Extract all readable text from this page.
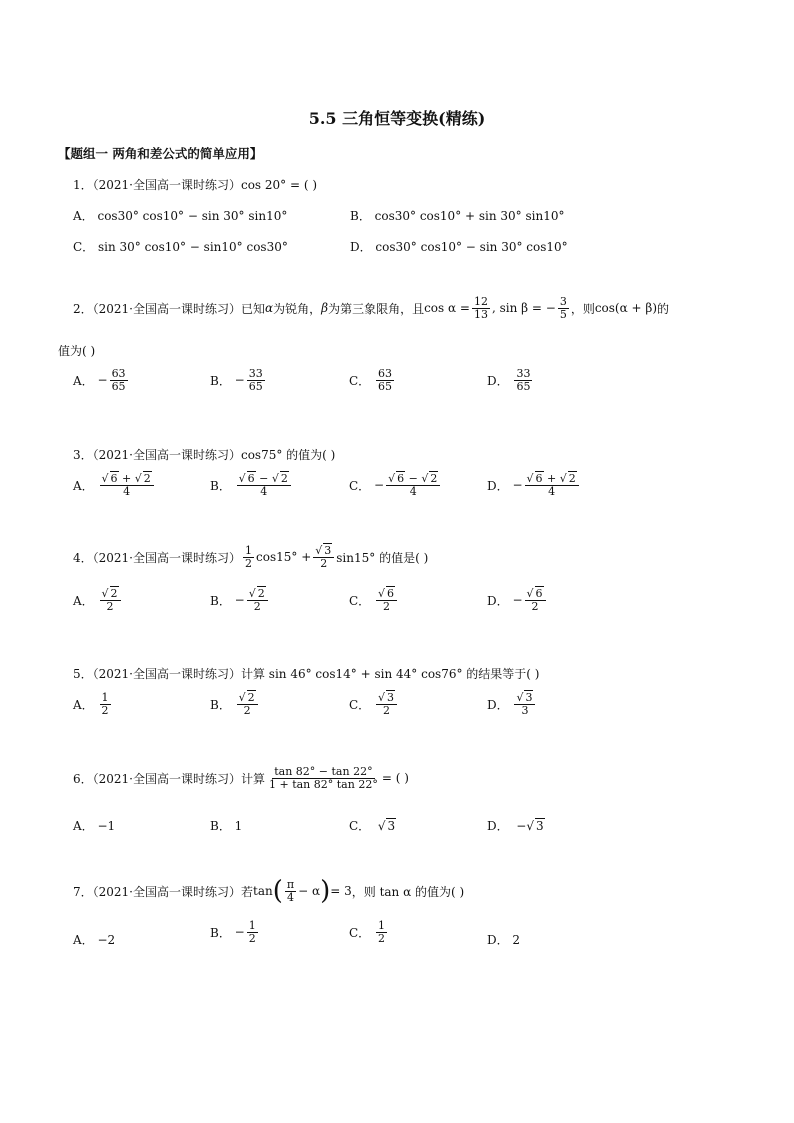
5.5 三角恒等变换(精练)
【题组一 两角和差公式的简单应用】
1．（2021·全国高一课时练习）cos 20° = ( )
A． cos30° cos10° − sin 30° sin10°	B． cos30° cos10° + sin 30° sin10°
C． sin 30° cos10° − sin10° cos30°	D． cos30° cos10° − sin 30° cos10°
2．（2021·全国高一课时练习）已知 α 为锐角， β 为第三象限角，且 $\cos \alpha = \frac{12}{13}$ , sin β = − $\frac{3}{5}$ ，则 cos(α + β) 的
值为( )
A．
− $\frac{63}{65}$	B．
− $\frac{33}{65}$	C．
$\frac{63}{65}$	D．
$\frac{33}{65}$
3．（2021·全国高一课时练习）cos75° 的值为( )
A．
$\frac{√ 6 + √ 2}{4}$	B．
$\frac{√ 6 - √ 2}{4}$	C．
− $\frac{√ 6 - √ 2}{4}$	D．
− $\frac{√ 6 + √ 2}{4}$
4．（2021·全国高一课时练习） $\frac{1}{2} \cos 15^\circ + \frac{√ 3}{2} \sin 15^\circ$ 的值是( )
A．
$\frac{√ 2}{2}$	B．
− $\frac{√ 2}{2}$	C．
$\frac{√ 6}{2}$	D．
− $\frac{√ 6}{2}$
5．（2021·全国高一课时练习）计算 sin 46° cos14° + sin 44° cos76° 的结果等于( )
A．
$\frac{1}{2}$	B．
$\frac{√ 2}{2}$	C．
$\frac{√ 3}{2}$	D．
$\frac{√ 3}{3}$
6．（2021·全国高一课时练习）计算 $\frac{\tan 82^\circ - \tan 22^\circ}{1 + \tan 82^\circ \tan 22^\circ}$ = ( )
A． −1	B． 1	C．  √ 3	D． −√ 3
7．（2021·全国高一课时练习）若 tan ( $\frac{\pi}{4} - \alpha$ ) = 3 ，则 tan α 的值为( )
A． −2
B．
− $\frac{1}{2}$	C．
$\frac{1}{2}$	D． 2
